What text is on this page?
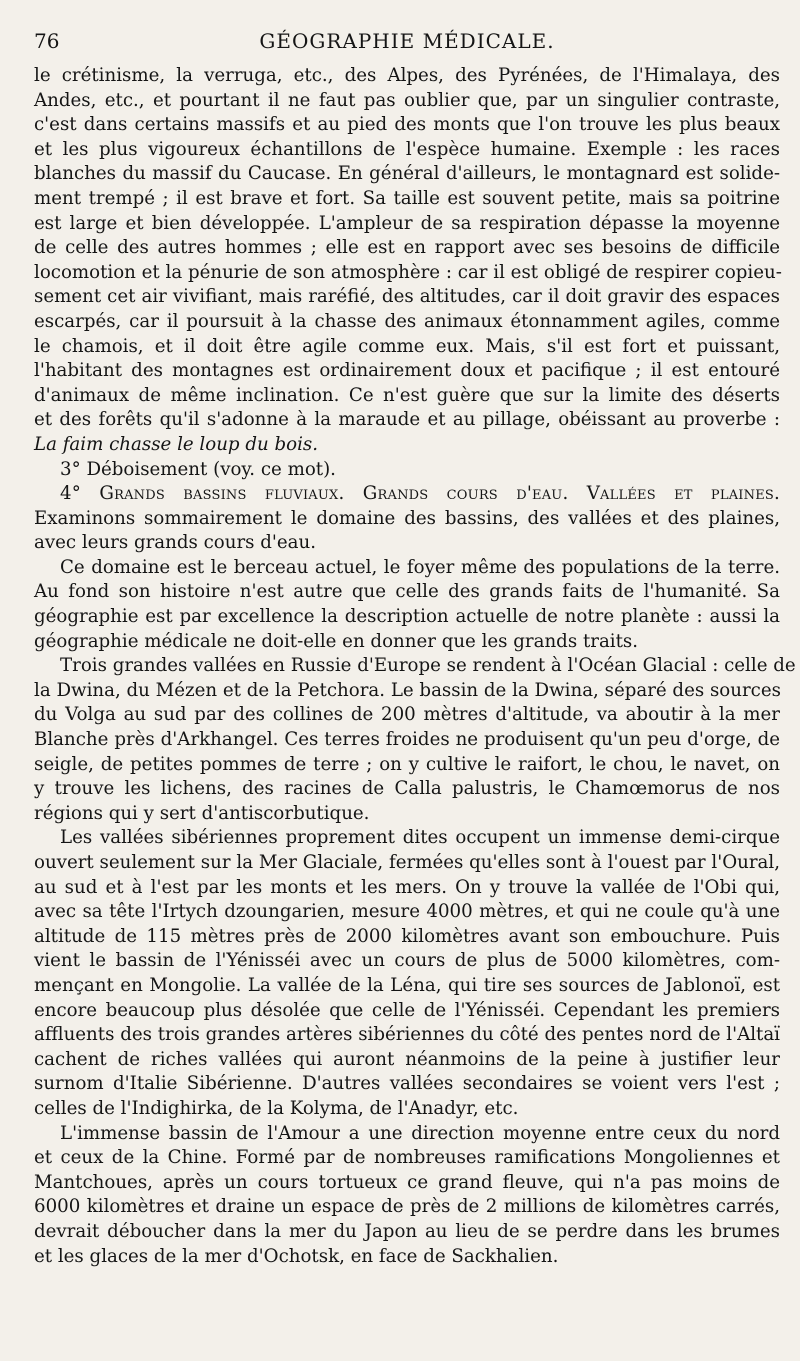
76	GÉOGRAPHIE MÉDICALE.

le crétinisme, la verruga, etc., des Alpes, des Pyrénées, de l'Himalaya, des

Andes, etc., et pourtant il ne faut pas oublier que, par un singulier contraste,

c'est dans certains massifs et au pied des monts que l'on trouve les plus beaux

et les plus vigoureux échantillons de l'espèce humaine. Exemple : les races

blanches du massif du Caucase. En général d'ailleurs, le montagnard est solide-

ment trempé ; il est brave et fort. Sa taille est souvent petite, mais sa poitrine

est large et bien développée. L'ampleur de sa respiration dépasse la moyenne

de celle des autres hommes ; elle est en rapport avec ses besoins de difficile

locomotion et la pénurie de son atmosphère : car il est obligé de respirer copieu-

sement cet air vivifiant, mais raréfié, des altitudes, car il doit gravir des espaces

escarpés, car il poursuit à la chasse des animaux étonnamment agiles, comme

le chamois, et il doit être agile comme eux. Mais, s'il est fort et puissant,

l'habitant des montagnes est ordinairement doux et pacifique ; il est entouré

d'animaux de même inclination. Ce n'est guère que sur la limite des déserts

et des forêts qu'il s'adonne à la maraude et au pillage, obéissant au proverbe :

La faim chasse le loup du bois.

3° Déboisement (voy. ce mot).

4° Grands bassins fluviaux. Grands cours d'eau. Vallées et plaines.

Examinons sommairement le domaine des bassins, des vallées et des plaines,

avec leurs grands cours d'eau.

Ce domaine est le berceau actuel, le foyer même des populations de la terre.

Au fond son histoire n'est autre que celle des grands faits de l'humanité. Sa

géographie est par excellence la description actuelle de notre planète : aussi la

géographie médicale ne doit-elle en donner que les grands traits.

Trois grandes vallées en Russie d'Europe se rendent à l'Océan Glacial : celle de

la Dwina, du Mézen et de la Petchora. Le bassin de la Dwina, séparé des sources

du Volga au sud par des collines de 200 mètres d'altitude, va aboutir à la mer

Blanche près d'Arkhangel. Ces terres froides ne produisent qu'un peu d'orge, de

seigle, de petites pommes de terre ; on y cultive le raifort, le chou, le navet, on

y trouve les lichens, des racines de Calla palustris, le Chamœmorus de nos

régions qui y sert d'antiscorbutique.

Les vallées sibériennes proprement dites occupent un immense demi-cirque

ouvert seulement sur la Mer Glaciale, fermées qu'elles sont à l'ouest par l'Oural,

au sud et à l'est par les monts et les mers. On y trouve la vallée de l'Obi qui,

avec sa tête l'Irtych dzoungarien, mesure 4000 mètres, et qui ne coule qu'à une

altitude de 115 mètres près de 2000 kilomètres avant son embouchure. Puis

vient le bassin de l'Yénisséi avec un cours de plus de 5000 kilomètres, com-

mençant en Mongolie. La vallée de la Léna, qui tire ses sources de Jablonoï, est

encore beaucoup plus désolée que celle de l'Yénisséi. Cependant les premiers

affluents des trois grandes artères sibériennes du côté des pentes nord de l'Altaï

cachent de riches vallées qui auront néanmoins de la peine à justifier leur

surnom d'Italie Sibérienne. D'autres vallées secondaires se voient vers l'est ;

celles de l'Indighirka, de la Kolyma, de l'Anadyr, etc.

L'immense bassin de l'Amour a une direction moyenne entre ceux du nord

et ceux de la Chine. Formé par de nombreuses ramifications Mongoliennes et

Mantchoues, après un cours tortueux ce grand fleuve, qui n'a pas moins de

6000 kilomètres et draine un espace de près de 2 millions de kilomètres carrés,

devrait déboucher dans la mer du Japon au lieu de se perdre dans les brumes

et les glaces de la mer d'Ochotsk, en face de Sackhalien.
